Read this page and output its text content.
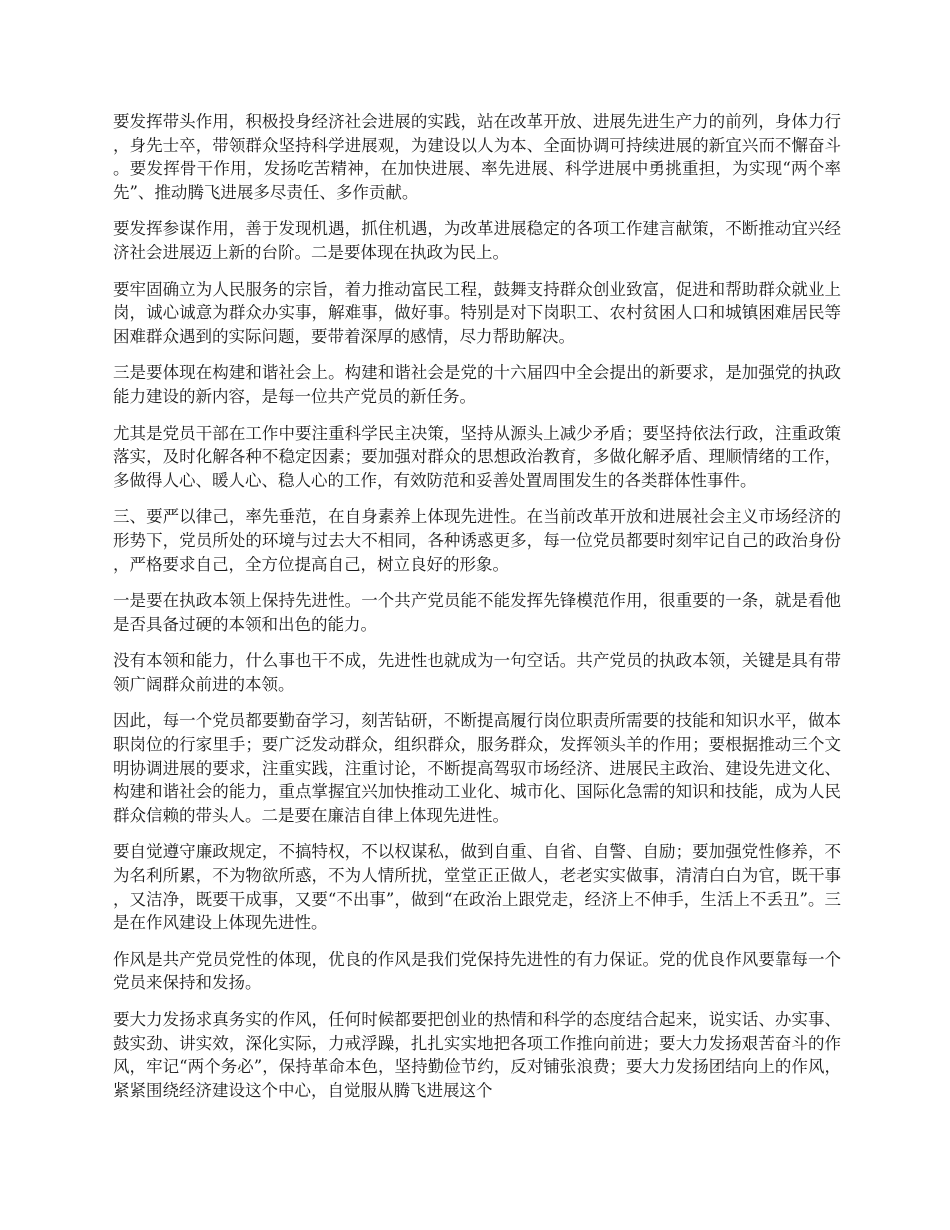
要发挥带头作用，积极投身经济社会进展的实践，站在改革开放、进展先进生产力的前列，身体力行，身先士卒，带领群众坚持科学进展观，为建设以人为本、全面协调可持续进展的新宜兴而不懈奋斗。要发挥骨干作用，发扬吃苦精神，在加快进展、率先进展、科学进展中勇挑重担，为实现“两个率先”、推动腾飞进展多尽责任、多作贡献。

要发挥参谋作用，善于发现机遇，抓住机遇，为改革进展稳定的各项工作建言献策，不断推动宜兴经济社会进展迈上新的台阶。二是要体现在执政为民上。

要牢固确立为人民服务的宗旨，着力推动富民工程，鼓舞支持群众创业致富，促进和帮助群众就业上岗，诚心诚意为群众办实事，解难事，做好事。特别是对下岗职工、农村贫困人口和城镇困难居民等困难群众遇到的实际问题，要带着深厚的感情，尽力帮助解决。

三是要体现在构建和谐社会上。构建和谐社会是党的十六届四中全会提出的新要求，是加强党的执政能力建设的新内容，是每一位共产党员的新任务。

尤其是党员干部在工作中要注重科学民主决策，坚持从源头上减少矛盾；要坚持依法行政，注重政策落实，及时化解各种不稳定因素；要加强对群众的思想政治教育，多做化解矛盾、理顺情绪的工作，多做得人心、暖人心、稳人心的工作，有效防范和妥善处置周围发生的各类群体性事件。

三、要严以律己，率先垂范，在自身素养上体现先进性。在当前改革开放和进展社会主义市场经济的形势下，党员所处的环境与过去大不相同，各种诱惑更多，每一位党员都要时刻牢记自己的政治身份，严格要求自己，全方位提高自己，树立良好的形象。

一是要在执政本领上保持先进性。一个共产党员能不能发挥先锋模范作用，很重要的一条，就是看他是否具备过硬的本领和出色的能力。

没有本领和能力，什么事也干不成，先进性也就成为一句空话。共产党员的执政本领，关键是具有带领广阔群众前进的本领。

因此，每一个党员都要勤奋学习，刻苦钻研，不断提高履行岗位职责所需要的技能和知识水平，做本职岗位的行家里手；要广泛发动群众，组织群众，服务群众，发挥领头羊的作用；要根据推动三个文明协调进展的要求，注重实践，注重讨论，不断提高驾驭市场经济、进展民主政治、建设先进文化、构建和谐社会的能力，重点掌握宜兴加快推动工业化、城市化、国际化急需的知识和技能，成为人民群众信赖的带头人。二是要在廉洁自律上体现先进性。

要自觉遵守廉政规定，不搞特权，不以权谋私，做到自重、自省、自警、自励；要加强党性修养，不为名利所累，不为物欲所惑，不为人情所扰，堂堂正正做人，老老实实做事，清清白白为官，既干事，又洁净，既要干成事，又要“不出事”，做到“在政治上跟党走，经济上不伸手，生活上不丢丑”。三是在作风建设上体现先进性。

作风是共产党员党性的体现，优良的作风是我们党保持先进性的有力保证。党的优良作风要靠每一个党员来保持和发扬。

要大力发扬求真务实的作风，任何时候都要把创业的热情和科学的态度结合起来，说实话、办实事、鼓实劲、讲实效，深化实际，力戒浮躁，扎扎实实地把各项工作推向前进；要大力发扬艰苦奋斗的作风，牢记“两个务必”，保持革命本色，坚持勤俭节约，反对铺张浪费；要大力发扬团结向上的作风，紧紧围绕经济建设这个中心，自觉服从腾飞进展这个
